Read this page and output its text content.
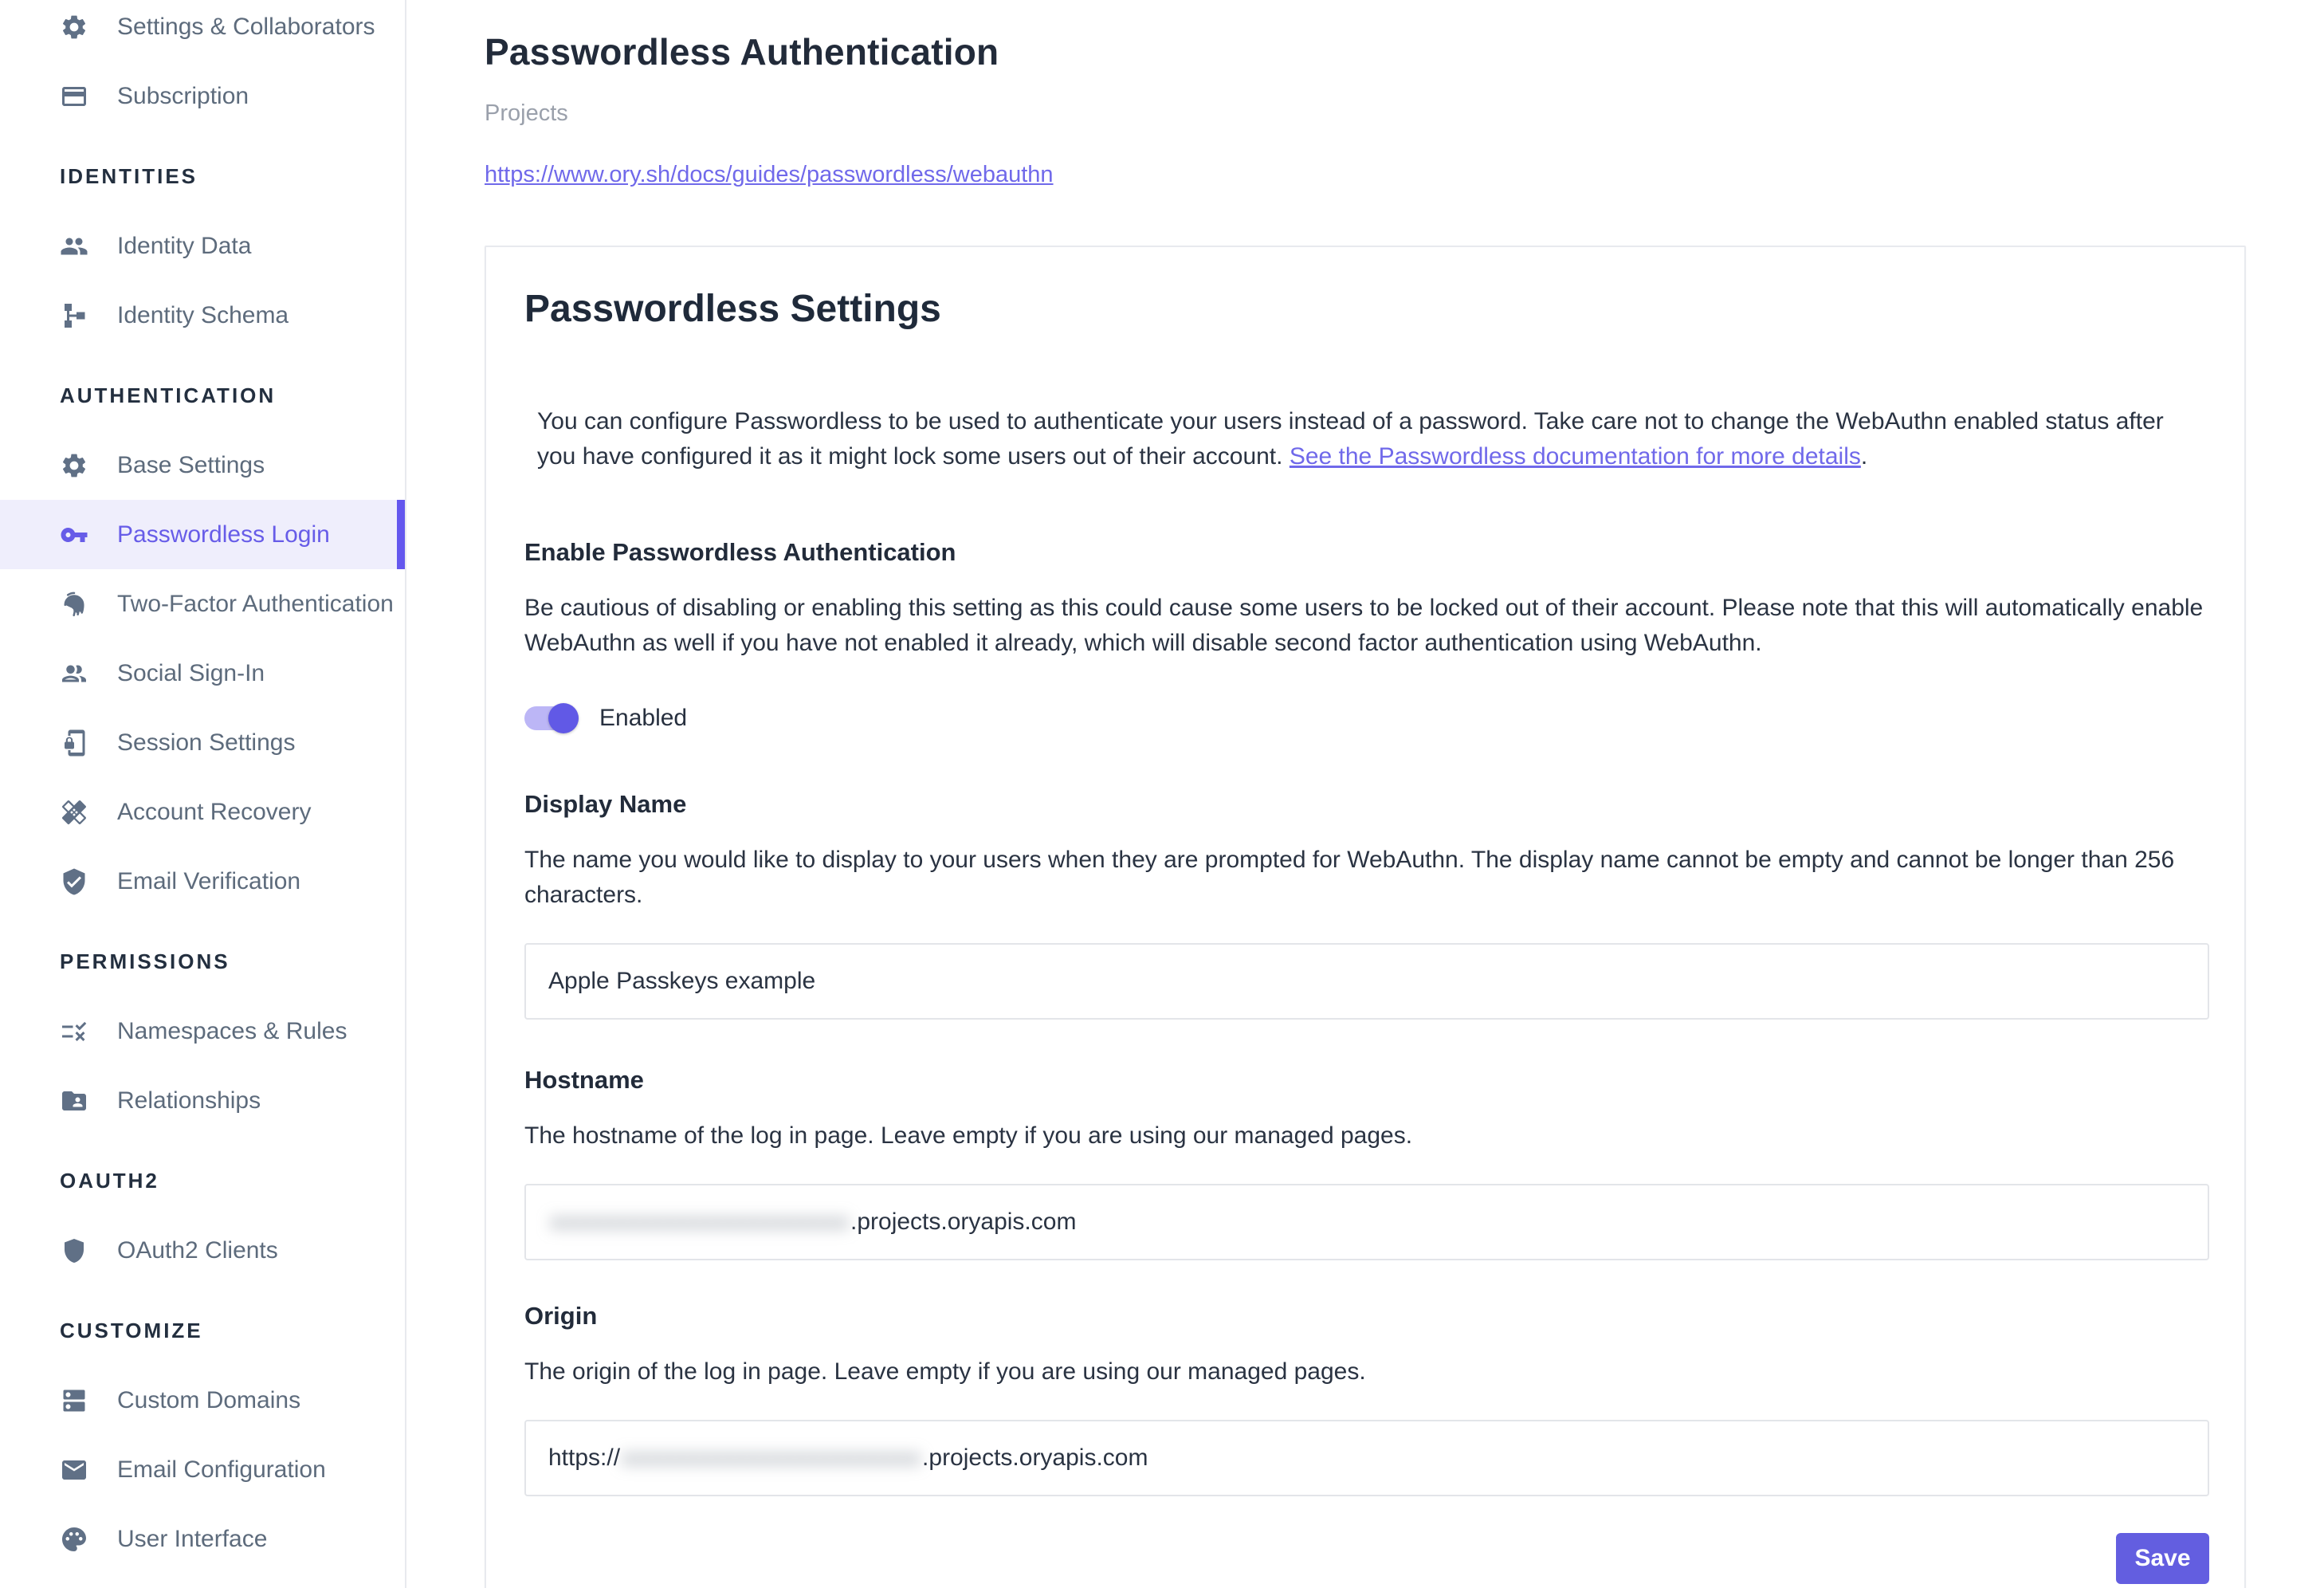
Settings & Collaborators
Subscription
IDENTITIES
Identity Data
Identity Schema
AUTHENTICATION
Base Settings
Passwordless Login
Two-Factor Authentication
Social Sign-In
Session Settings
Account Recovery
Email Verification
PERMISSIONS
Namespaces & Rules
Relationships
OAUTH2
OAuth2 Clients
CUSTOMIZE
Custom Domains
Email Configuration
User Interface
Passwordless Authentication
Projects
https://www.ory.sh/docs/guides/passwordless/webauthn
Passwordless Settings

You can configure Passwordless to be used to authenticate your users instead of a password. Take care not to change the WebAuthn enabled status after you have configured it as it might lock some users out of their account. See the Passwordless documentation for more details.

Enable Passwordless Authentication

Be cautious of disabling or enabling this setting as this could cause some users to be locked out of their account. Please note that this will automatically enable WebAuthn as well if you have not enabled it already, which will disable second factor authentication using WebAuthn.

Enabled
Display Name

The name you would like to display to your users when they are prompted for WebAuthn. The display name cannot be empty and cannot be longer than 256 characters.

Apple Passkeys example
Hostname

The hostname of the log in page. Leave empty if you are using our managed pages.

xxxxxxxxxxxxxxxxxxxxxxxxx .projects.oryapis.com
Origin

The origin of the log in page. Leave empty if you are using our managed pages.

https:// xxxxxxxxxxxxxxxxxxxxxxxxx .projects.oryapis.com
Save
